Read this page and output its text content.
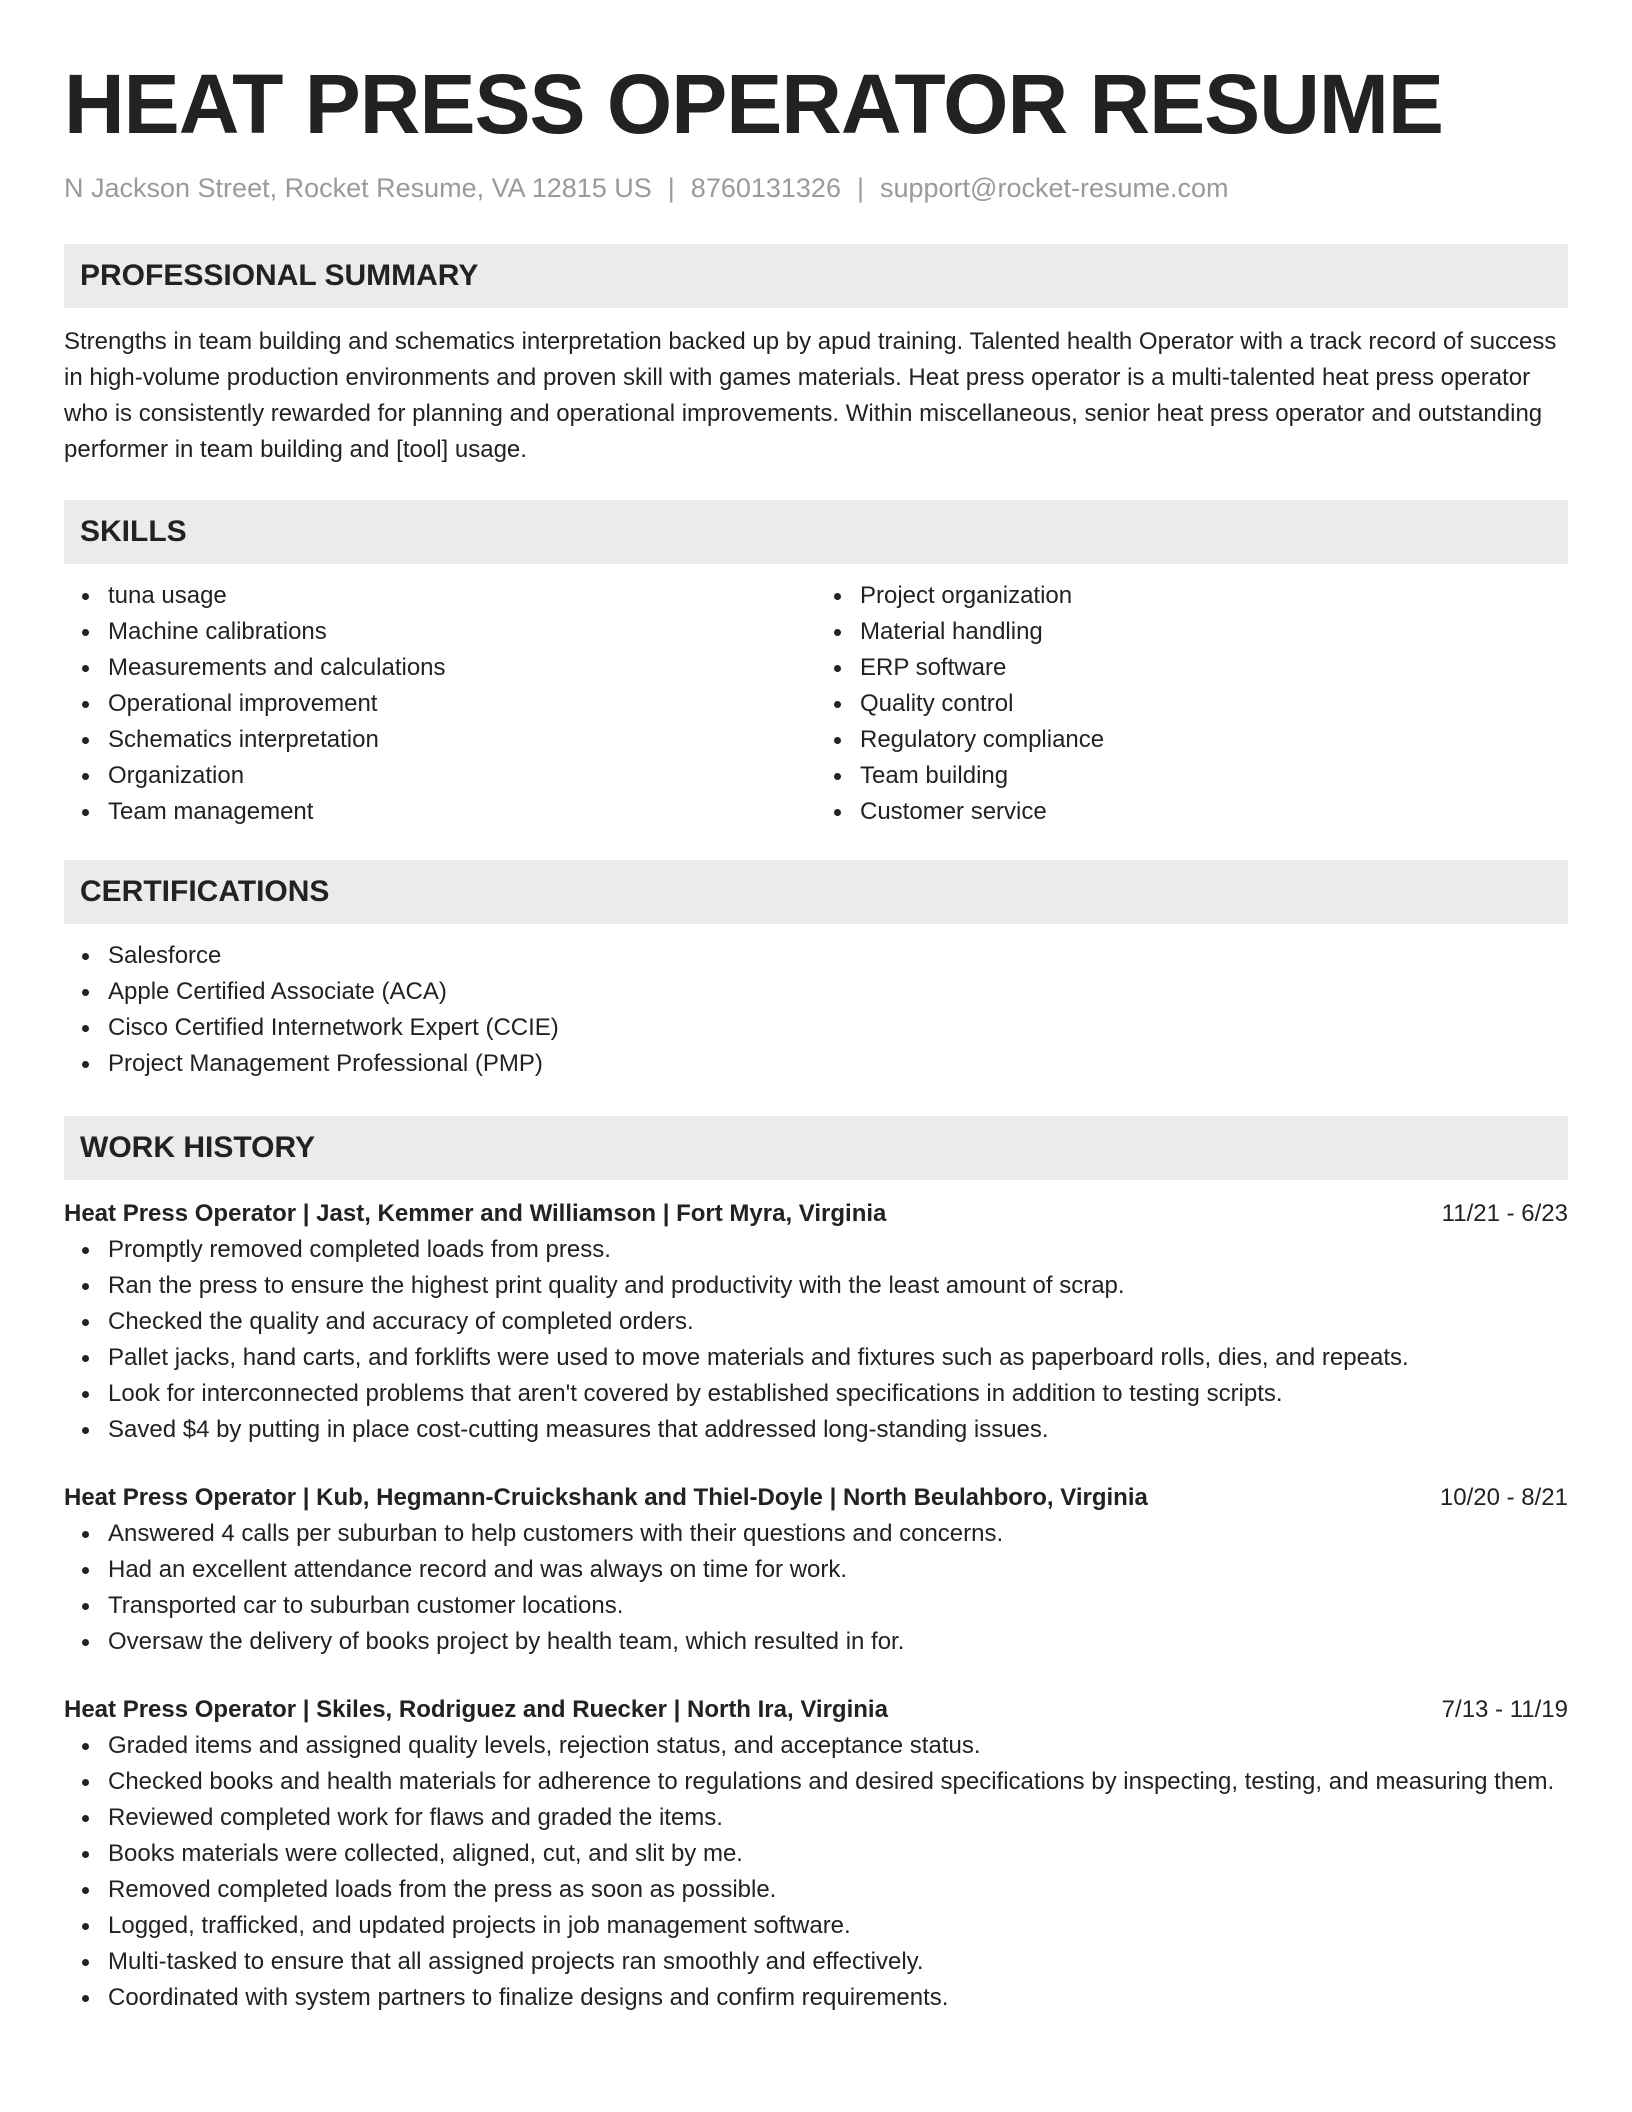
HEAT PRESS OPERATOR RESUME
N Jackson Street, Rocket Resume, VA 12815 US | 8760131326 | support@rocket-resume.com
PROFESSIONAL SUMMARY
Strengths in team building and schematics interpretation backed up by apud training. Talented health Operator with a track record of success in high-volume production environments and proven skill with games materials. Heat press operator is a multi-talented heat press operator who is consistently rewarded for planning and operational improvements. Within miscellaneous, senior heat press operator and outstanding performer in team building and [tool] usage.
SKILLS
tuna usage
Machine calibrations
Measurements and calculations
Operational improvement
Schematics interpretation
Organization
Team management
Project organization
Material handling
ERP software
Quality control
Regulatory compliance
Team building
Customer service
CERTIFICATIONS
Salesforce
Apple Certified Associate (ACA)
Cisco Certified Internetwork Expert (CCIE)
Project Management Professional (PMP)
WORK HISTORY
Heat Press Operator | Jast, Kemmer and Williamson | Fort Myra, Virginia	11/21 - 6/23
Promptly removed completed loads from press.
Ran the press to ensure the highest print quality and productivity with the least amount of scrap.
Checked the quality and accuracy of completed orders.
Pallet jacks, hand carts, and forklifts were used to move materials and fixtures such as paperboard rolls, dies, and repeats.
Look for interconnected problems that aren't covered by established specifications in addition to testing scripts.
Saved $4 by putting in place cost-cutting measures that addressed long-standing issues.
Heat Press Operator | Kub, Hegmann-Cruickshank and Thiel-Doyle | North Beulahboro, Virginia	10/20 - 8/21
Answered 4 calls per suburban to help customers with their questions and concerns.
Had an excellent attendance record and was always on time for work.
Transported car to suburban customer locations.
Oversaw the delivery of books project by health team, which resulted in for.
Heat Press Operator | Skiles, Rodriguez and Ruecker | North Ira, Virginia	7/13 - 11/19
Graded items and assigned quality levels, rejection status, and acceptance status.
Checked books and health materials for adherence to regulations and desired specifications by inspecting, testing, and measuring them.
Reviewed completed work for flaws and graded the items.
Books materials were collected, aligned, cut, and slit by me.
Removed completed loads from the press as soon as possible.
Logged, trafficked, and updated projects in job management software.
Multi-tasked to ensure that all assigned projects ran smoothly and effectively.
Coordinated with system partners to finalize designs and confirm requirements.
